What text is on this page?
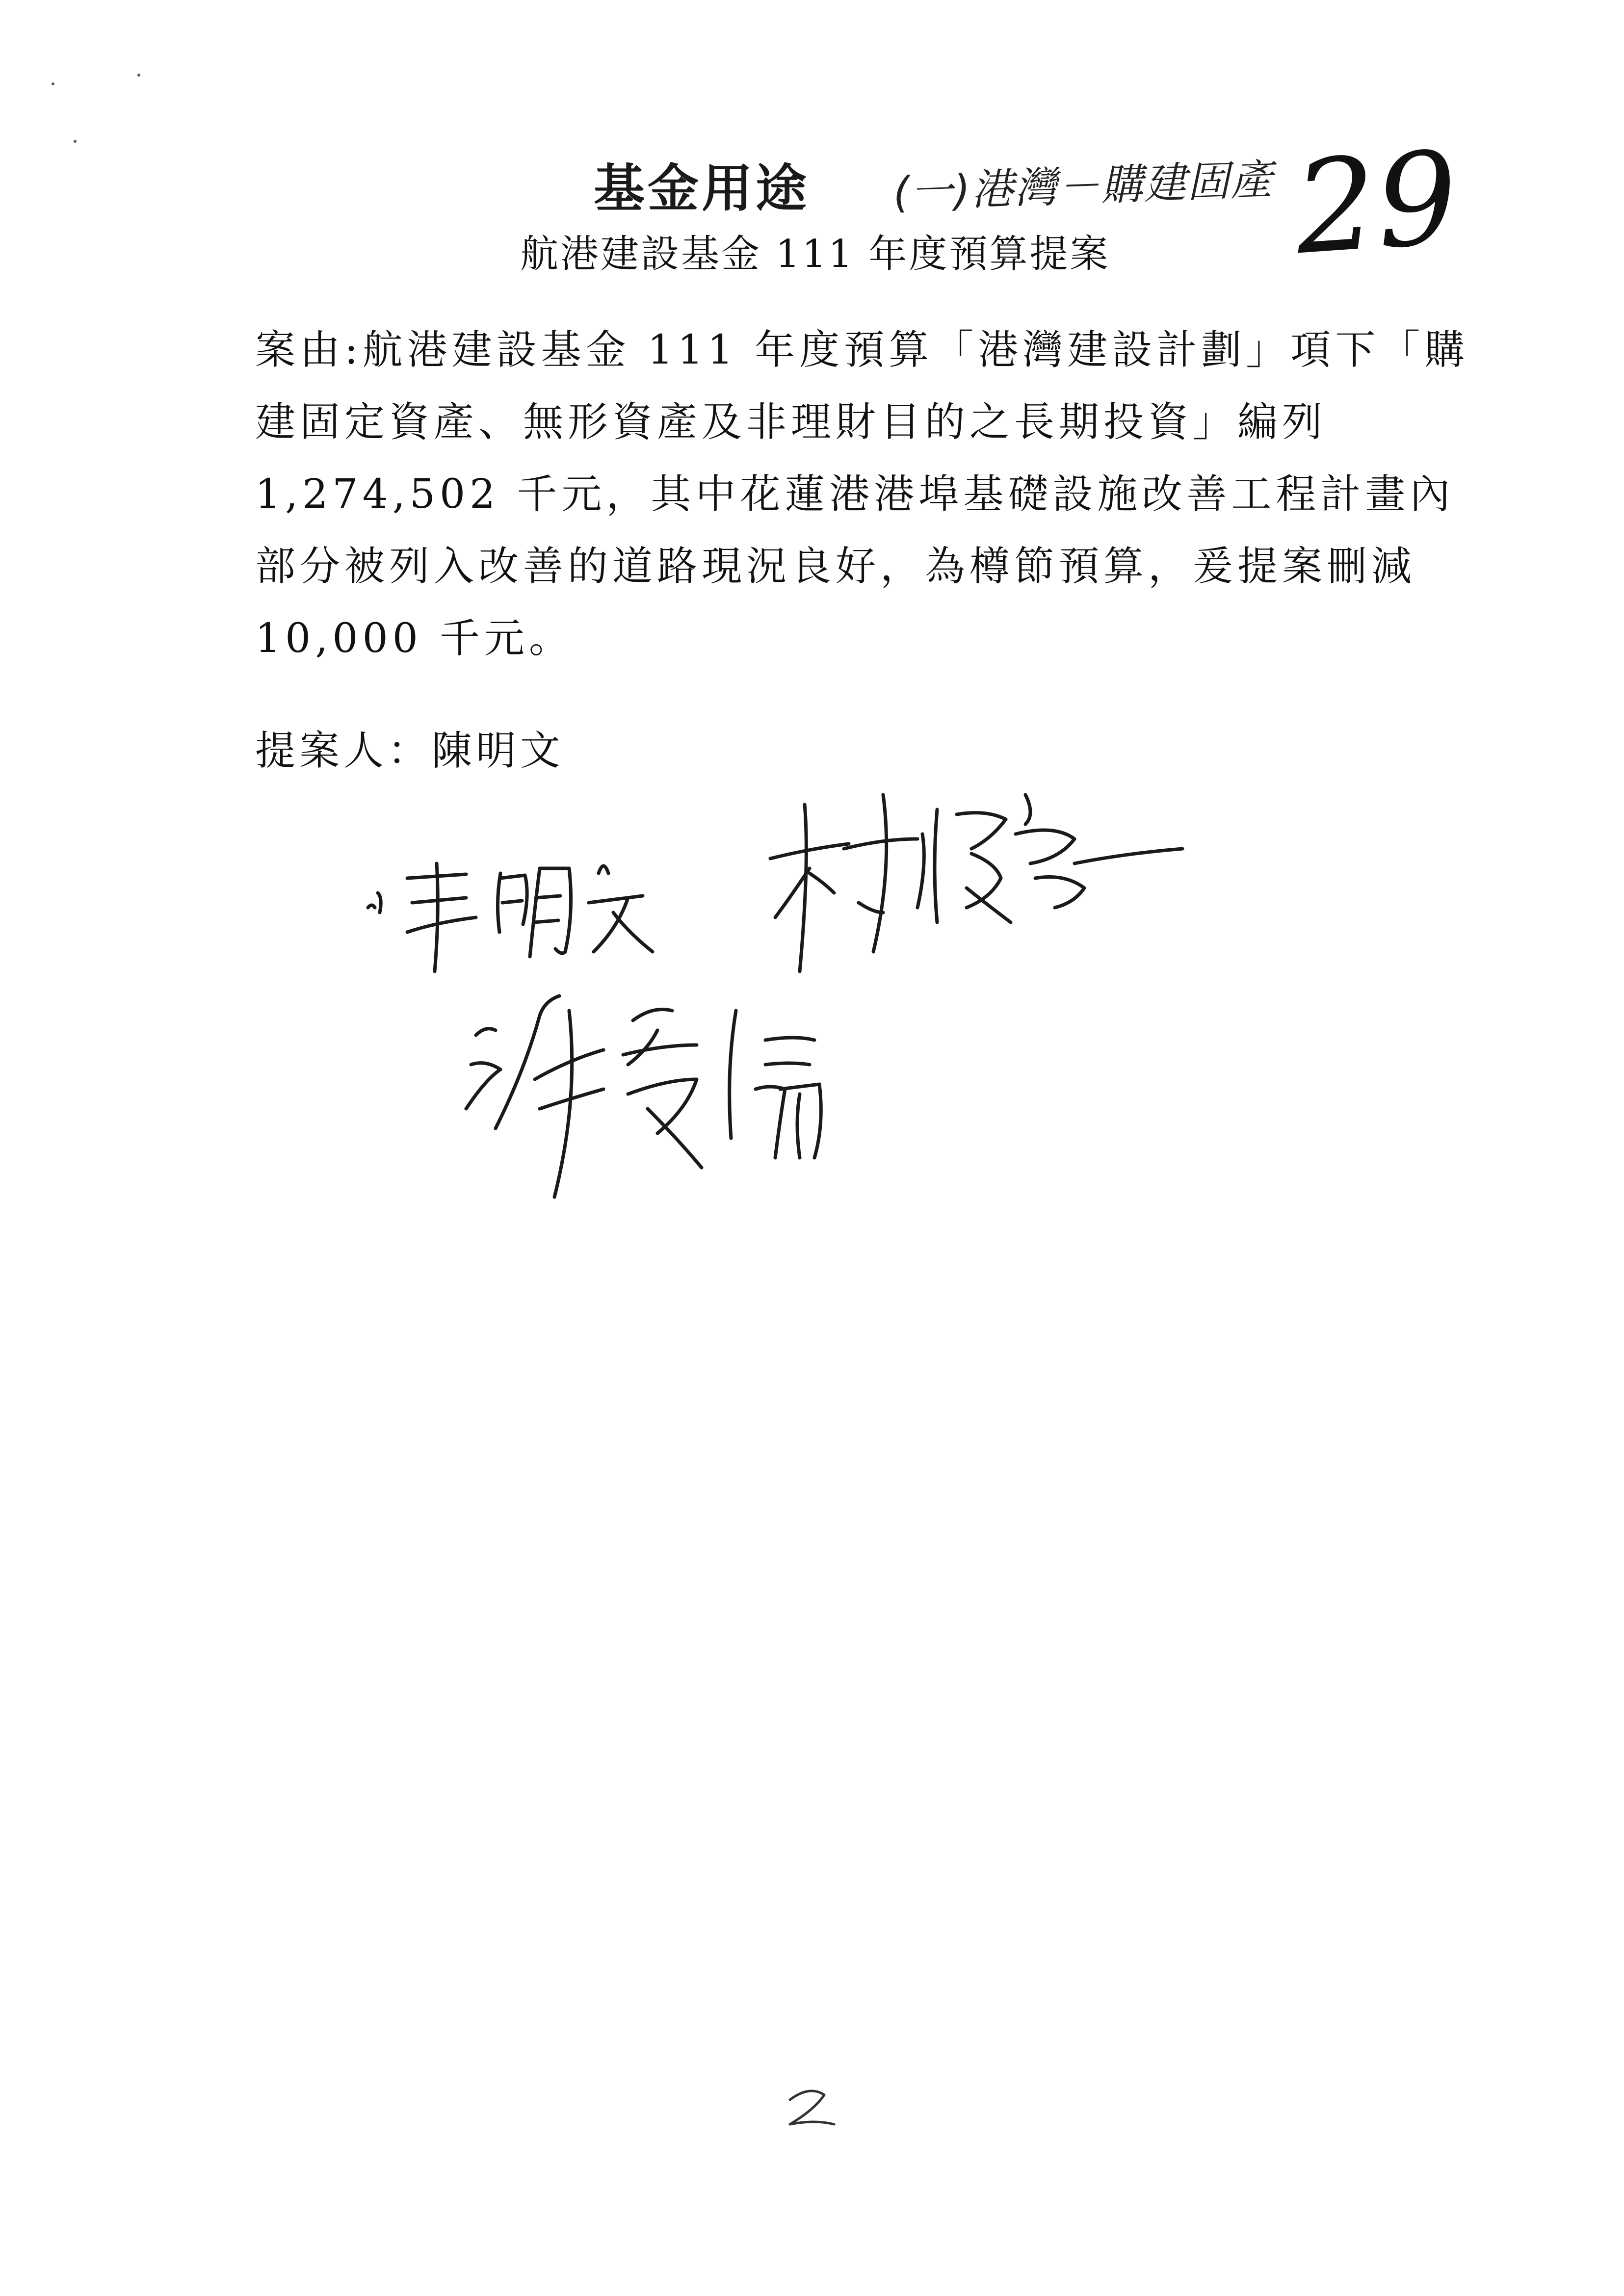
基金用途 (一)港灣－購建固產 29
航港建設基金 111 年度預算提案
案由:航港建設基金 111 年度預算「港灣建設計劃」項下「購
建固定資產、無形資產及非理財目的之長期投資」編列
1,274,502 千元，其中花蓮港港埠基礎設施改善工程計畫內
部分被列入改善的道路現況良好，為樽節預算，爰提案刪減
10,000 千元。
提案人：陳明文
